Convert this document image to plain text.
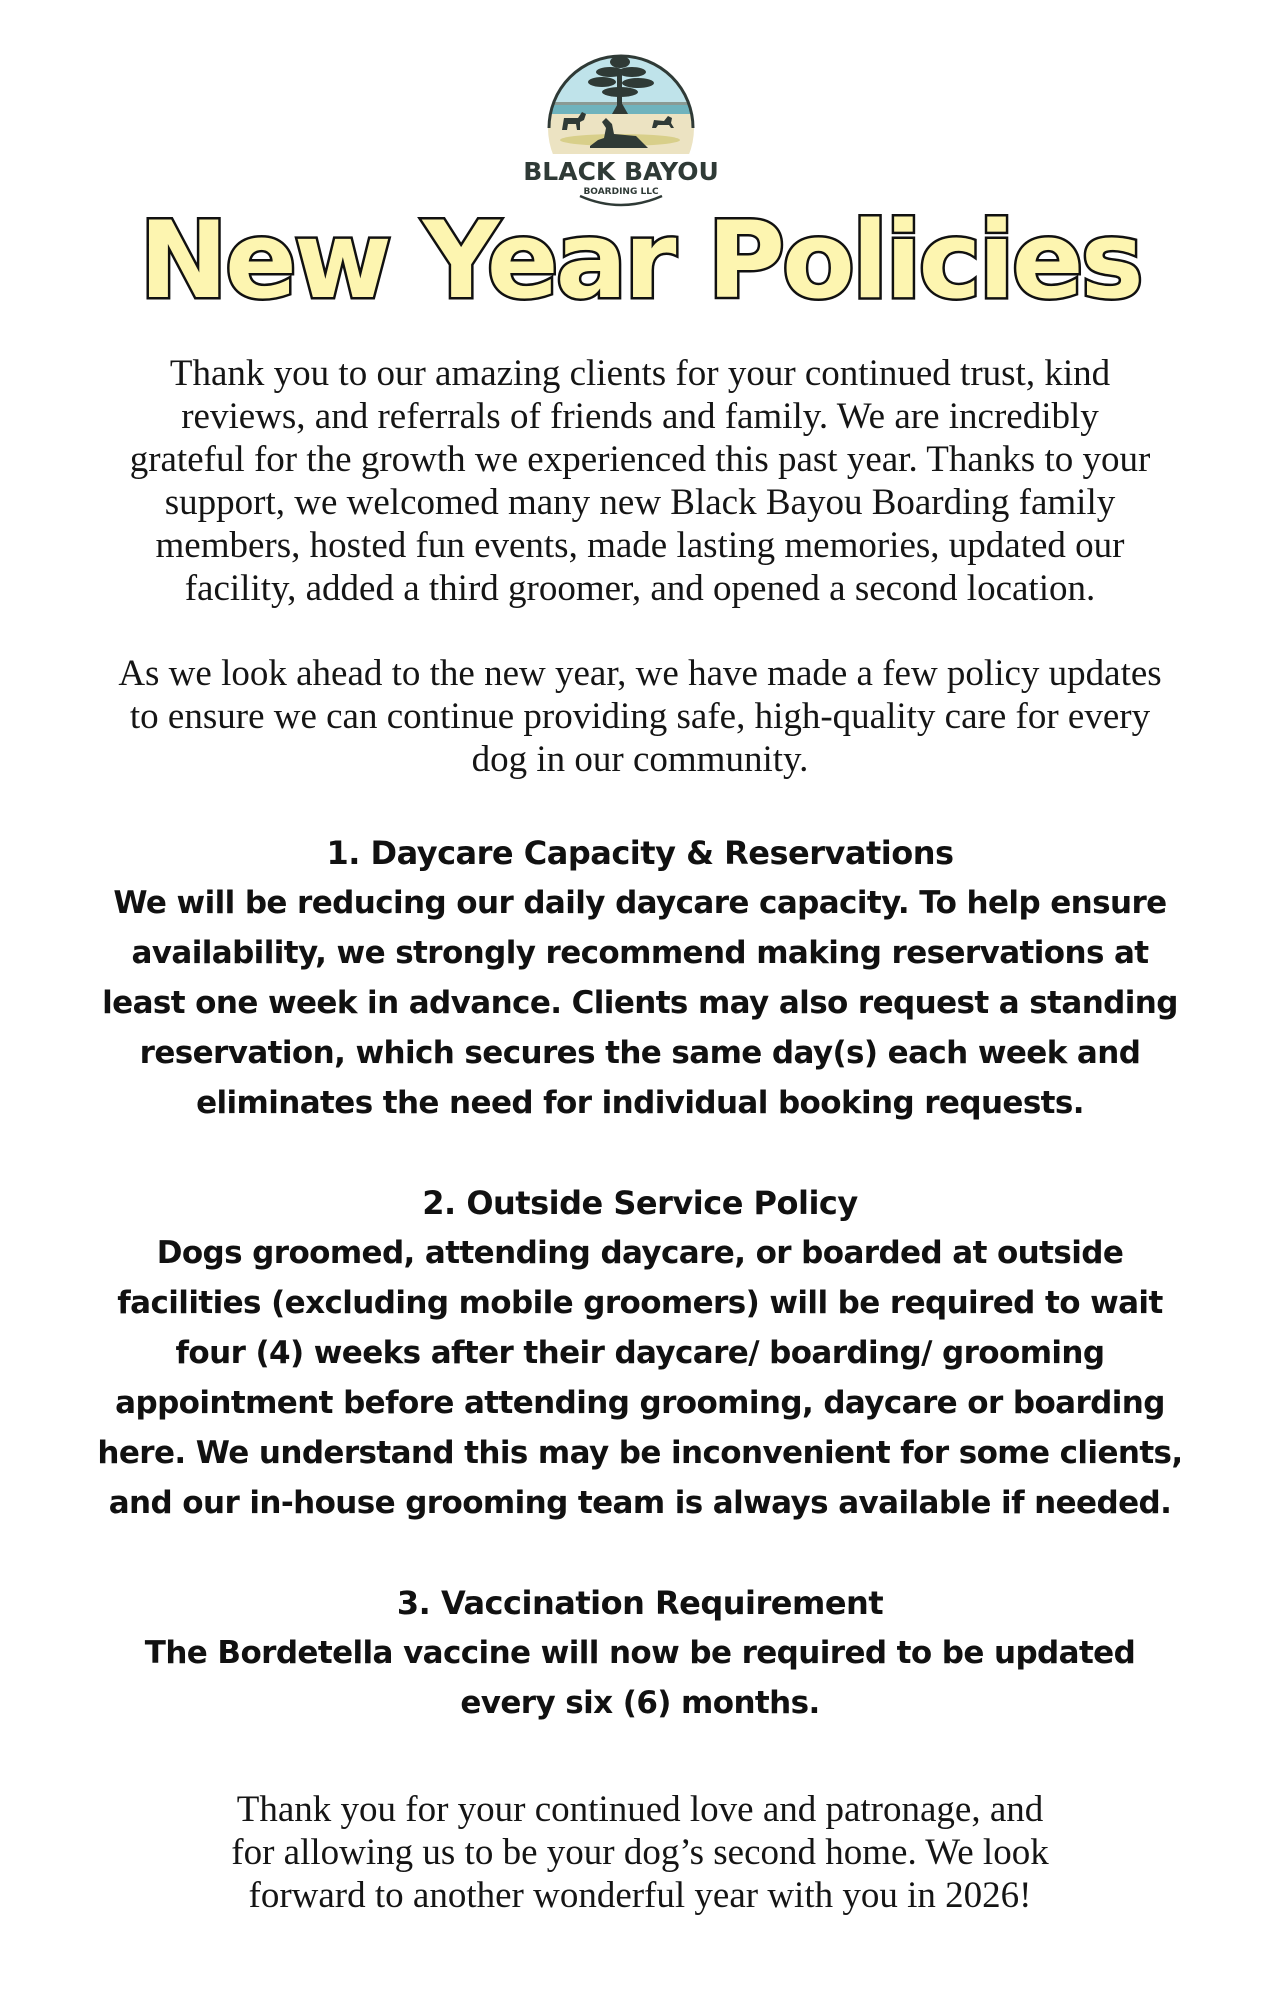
BLACK BAYOU
BOARDING LLC
New Year Policies
Thank you to our amazing clients for your continued trust, kind
reviews, and referrals of friends and family. We are incredibly
grateful for the growth we experienced this past year. Thanks to your
support, we welcomed many new Black Bayou Boarding family
members, hosted fun events, made lasting memories, updated our
facility, added a third groomer, and opened a second location.
As we look ahead to the new year, we have made a few policy updates
to ensure we can continue providing safe, high-quality care for every
dog in our community.
1. Daycare Capacity & Reservations
We will be reducing our daily daycare capacity. To help ensure
availability, we strongly recommend making reservations at
least one week in advance. Clients may also request a standing
reservation, which secures the same day(s) each week and
eliminates the need for individual booking requests.
2. Outside Service Policy
Dogs groomed, attending daycare, or boarded at outside
facilities (excluding mobile groomers) will be required to wait
four (4) weeks after their daycare/ boarding/ grooming
appointment before attending grooming, daycare or boarding
here. We understand this may be inconvenient for some clients,
and our in-house grooming team is always available if needed.
3. Vaccination Requirement
The Bordetella vaccine will now be required to be updated
every six (6) months.
Thank you for your continued love and patronage, and
for allowing us to be your dog’s second home. We look
forward to another wonderful year with you in 2026!
